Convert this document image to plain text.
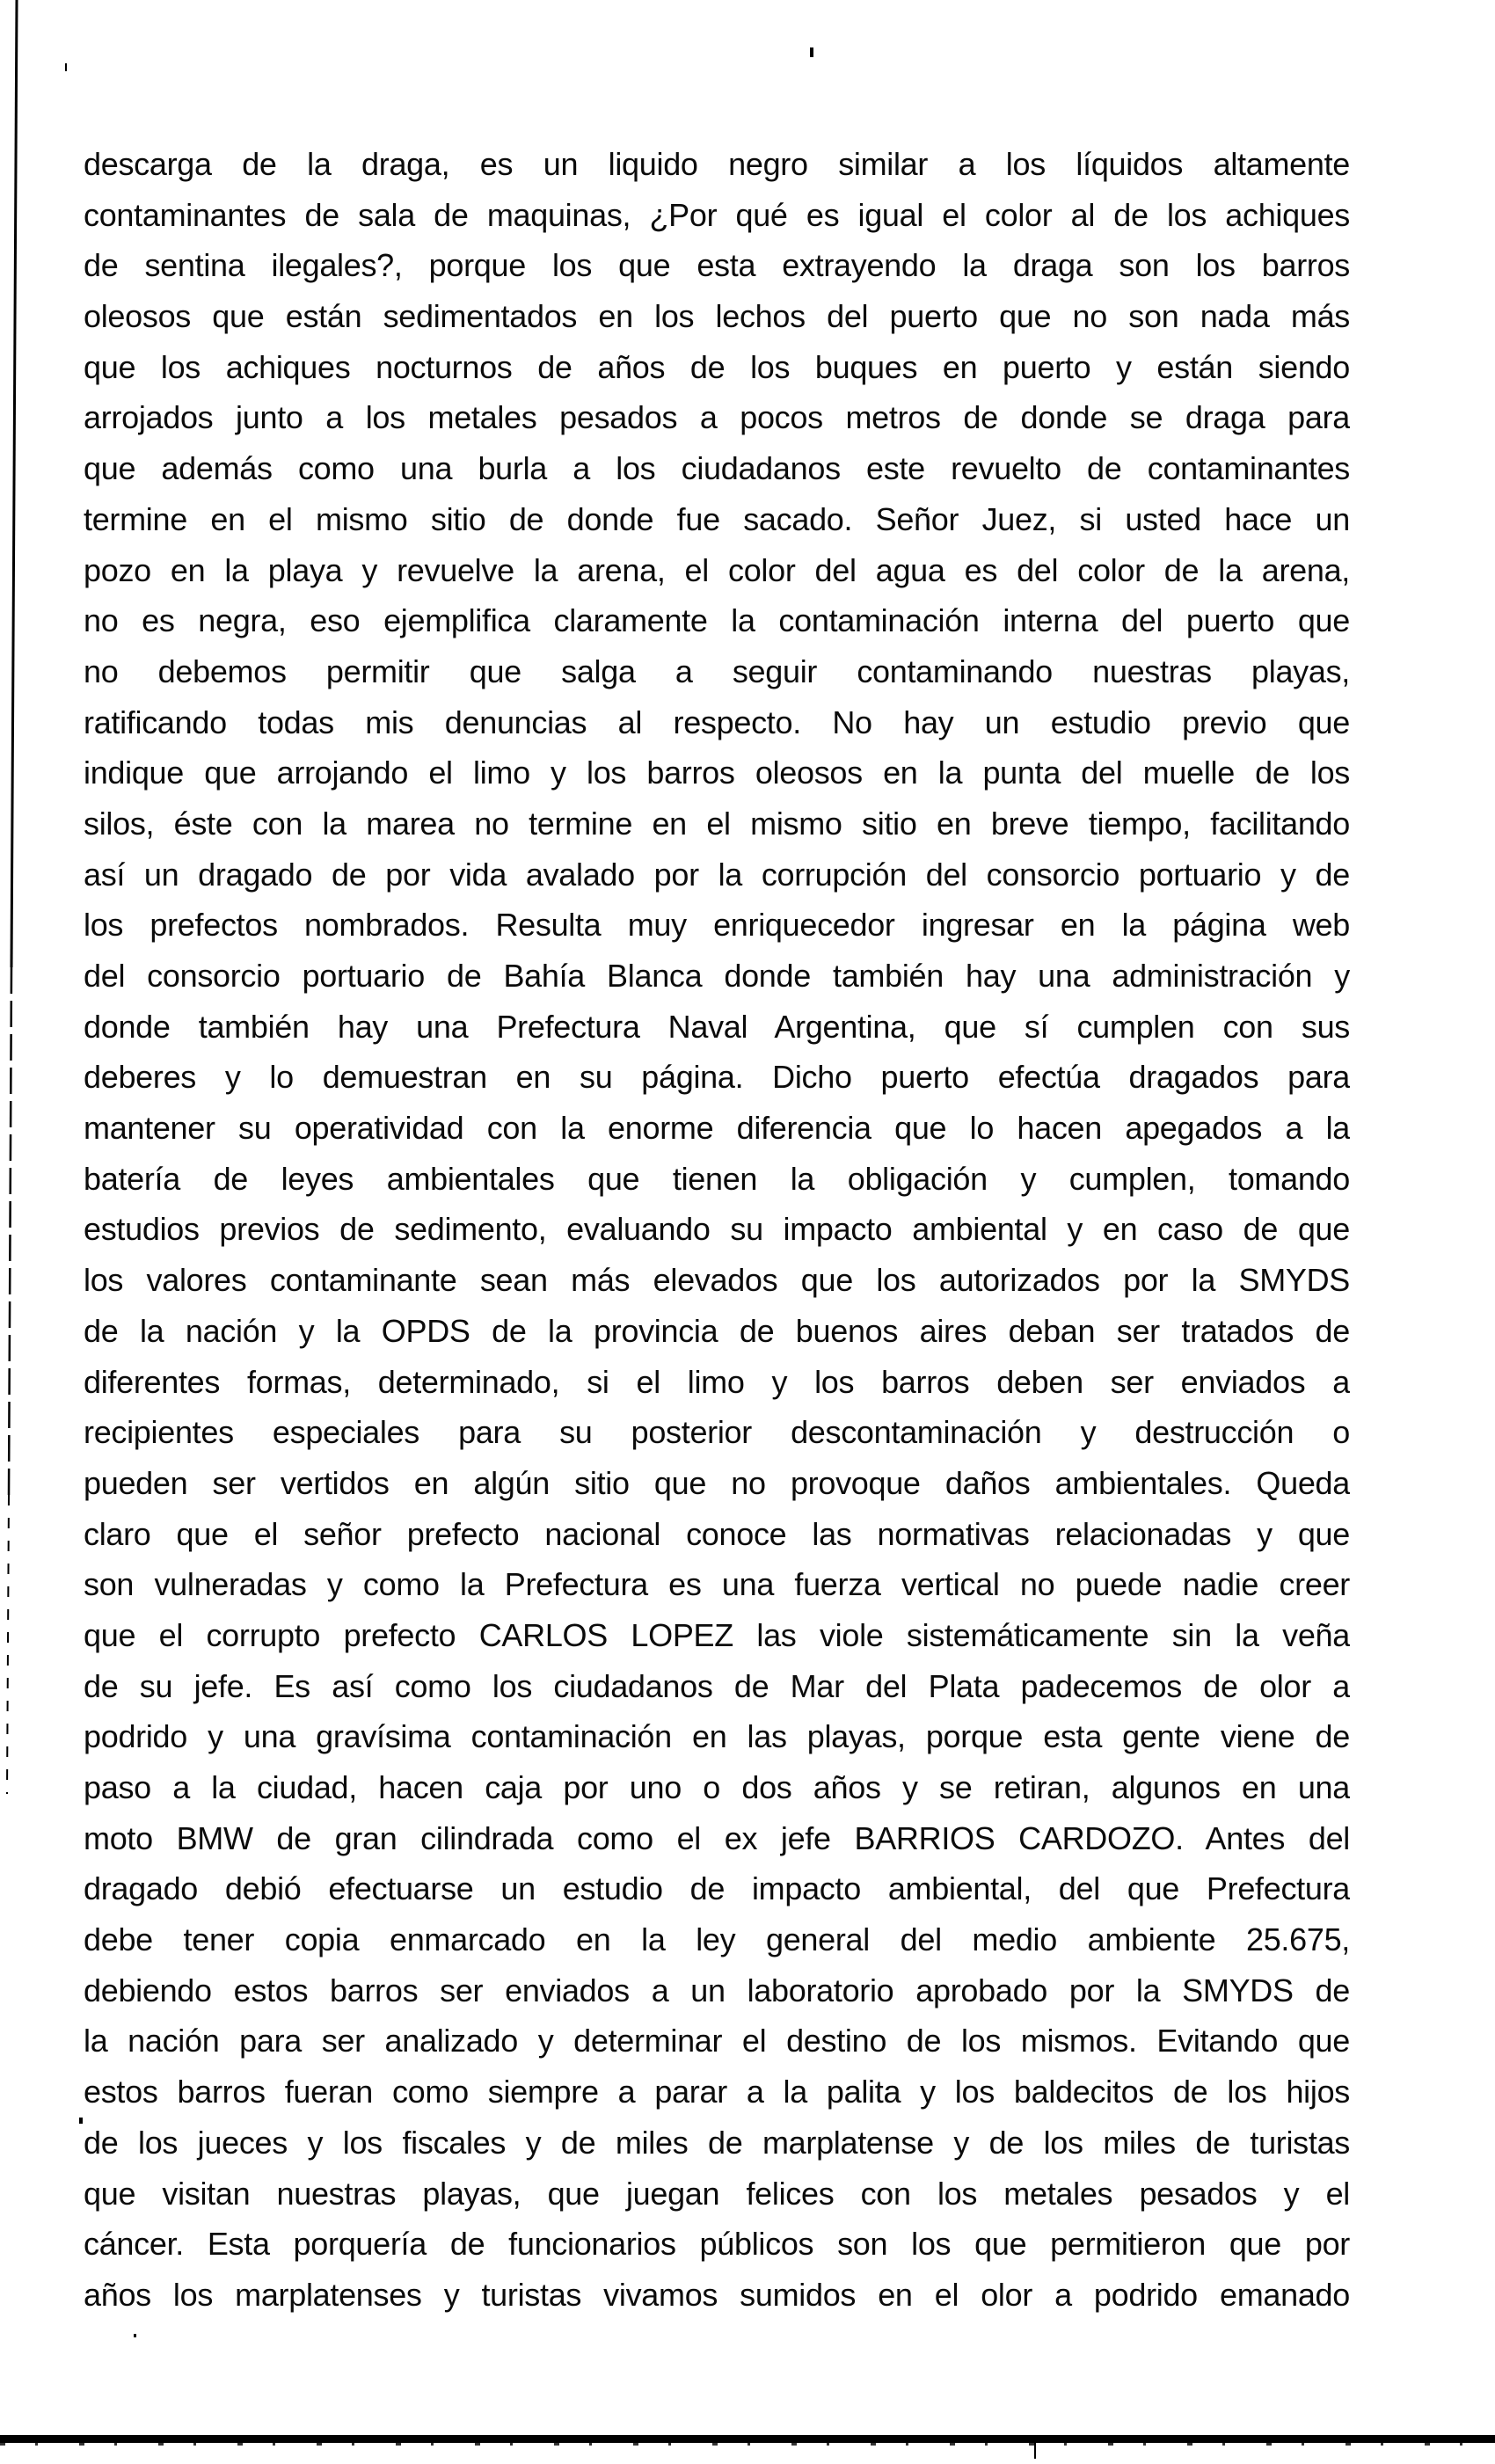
descarga de la draga, es un liquido negro similar a los líquidos altamente
contaminantes de sala de maquinas, ¿Por qué es igual el color al de los achiques
de sentina ilegales?, porque los que esta extrayendo la draga son los barros
oleosos que están sedimentados en los lechos del puerto que no son nada más
que los achiques nocturnos de años de los buques en puerto y están siendo
arrojados junto a los metales pesados a pocos metros de donde se draga para
que además como una burla a los ciudadanos este revuelto de contaminantes
termine en el mismo sitio de donde fue sacado. Señor Juez, si usted hace un
pozo en la playa y revuelve la arena, el color del agua es del color de la arena,
no es negra, eso ejemplifica claramente la contaminación interna del puerto que
no debemos permitir que salga a seguir contaminando nuestras playas,
ratificando todas mis denuncias al respecto. No hay un estudio previo que
indique que arrojando el limo y los barros oleosos en la punta del muelle de los
silos, éste con la marea no termine en el mismo sitio en breve tiempo, facilitando
así un dragado de por vida avalado por la corrupción del consorcio portuario y de
los prefectos nombrados. Resulta muy enriquecedor ingresar en la página web
del consorcio portuario de Bahía Blanca donde también hay una administración y
donde también hay una Prefectura Naval Argentina, que sí cumplen con sus
deberes y lo demuestran en su página. Dicho puerto efectúa dragados para
mantener su operatividad con la enorme diferencia que lo hacen apegados a la
batería de leyes ambientales que tienen la obligación y cumplen, tomando
estudios previos de sedimento, evaluando su impacto ambiental y en caso de que
los valores contaminante sean más elevados que los autorizados por la SMYDS
de la nación y la OPDS de la provincia de buenos aires deban ser tratados de
diferentes formas, determinado, si el limo y los barros deben ser enviados a
recipientes especiales para su posterior descontaminación y destrucción o
pueden ser vertidos en algún sitio que no provoque daños ambientales. Queda
claro que el señor prefecto nacional conoce las normativas relacionadas y que
son vulneradas y como la Prefectura es una fuerza vertical no puede nadie creer
que el corrupto prefecto CARLOS LOPEZ las viole sistemáticamente sin la veña
de su jefe. Es así como los ciudadanos de Mar del Plata padecemos de olor a
podrido y una gravísima contaminación en las playas, porque esta gente viene de
paso a la ciudad, hacen caja por uno o dos años y se retiran, algunos en una
moto BMW de gran cilindrada como el ex jefe BARRIOS CARDOZO. Antes del
dragado debió efectuarse un estudio de impacto ambiental, del que Prefectura
debe tener copia enmarcado en la ley general del medio ambiente 25.675,
debiendo estos barros ser enviados a un laboratorio aprobado por la SMYDS de
la nación para ser analizado y determinar el destino de los mismos. Evitando que
estos barros fueran como siempre a parar a la palita y los baldecitos de los hijos
de los jueces y los fiscales y de miles de marplatense y de los miles de turistas
que visitan nuestras playas, que juegan felices con los metales pesados y el
cáncer. Esta porquería de funcionarios públicos son los que permitieron que por
años los marplatenses y turistas vivamos sumidos en el olor a podrido emanado
